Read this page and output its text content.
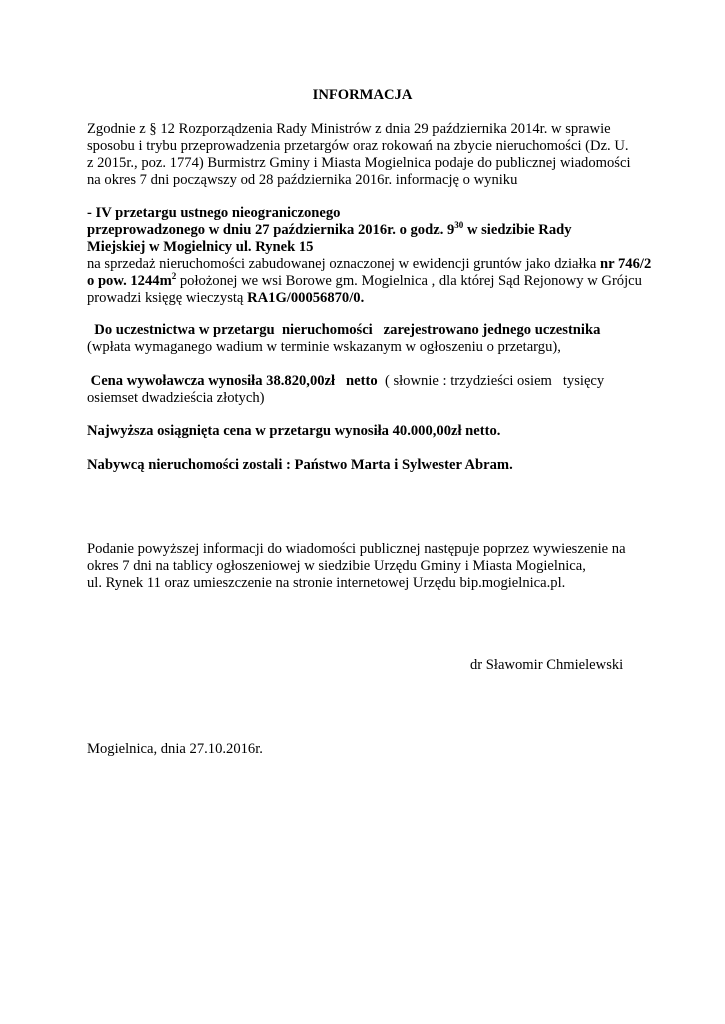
INFORMACJA

Zgodnie z § 12 Rozporządzenia Rady Ministrów z dnia 29 października 2014r. w sprawie
sposobu i trybu przeprowadzenia przetargów oraz rokowań na zbycie nieruchomości (Dz. U.
z 2015r., poz. 1774) Burmistrz Gminy i Miasta Mogielnica podaje do publicznej wiadomości
na okres 7 dni począwszy od 28 października 2016r. informację o wyniku

- IV przetargu ustnego nieograniczonego
przeprowadzonego w dniu 27 października 2016r. o godz. $9^{30}$ w siedzibie Rady
Miejskiej w Mogielnicy ul. Rynek 15
na sprzedaż nieruchomości zabudowanej oznaczonej w ewidencji gruntów jako działka nr 746/2
o pow. $1244m^2$ położonej we wsi Borowe gm. Mogielnica , dla której Sąd Rejonowy w Grójcu
prowadzi księgę wieczystą RA1G/00056870/0.

Do uczestnictwa w przetargu  nieruchomości   zarejestrowano jednego uczestnika
(wpłata wymaganego wadium w terminie wskazanym w ogłoszeniu o przetargu),

Cena wywoławcza wynosiła 38.820,00zł   netto  ( słownie : trzydzieści osiem   tysięcy
osiemset dwadzieścia złotych)

Najwyższa osiągnięta cena w przetargu wynosiła 40.000,00zł netto.

Nabywcą nieruchomości zostali : Państwo Marta i Sylwester Abram.

Podanie powyższej informacji do wiadomości publicznej następuje poprzez wywieszenie na
okres 7 dni na tablicy ogłoszeniowej w siedzibie Urzędu Gminy i Miasta Mogielnica,
ul. Rynek 11 oraz umieszczenie na stronie internetowej Urzędu bip.mogielnica.pl.

dr Sławomir Chmielewski

Mogielnica, dnia 27.10.2016r.
